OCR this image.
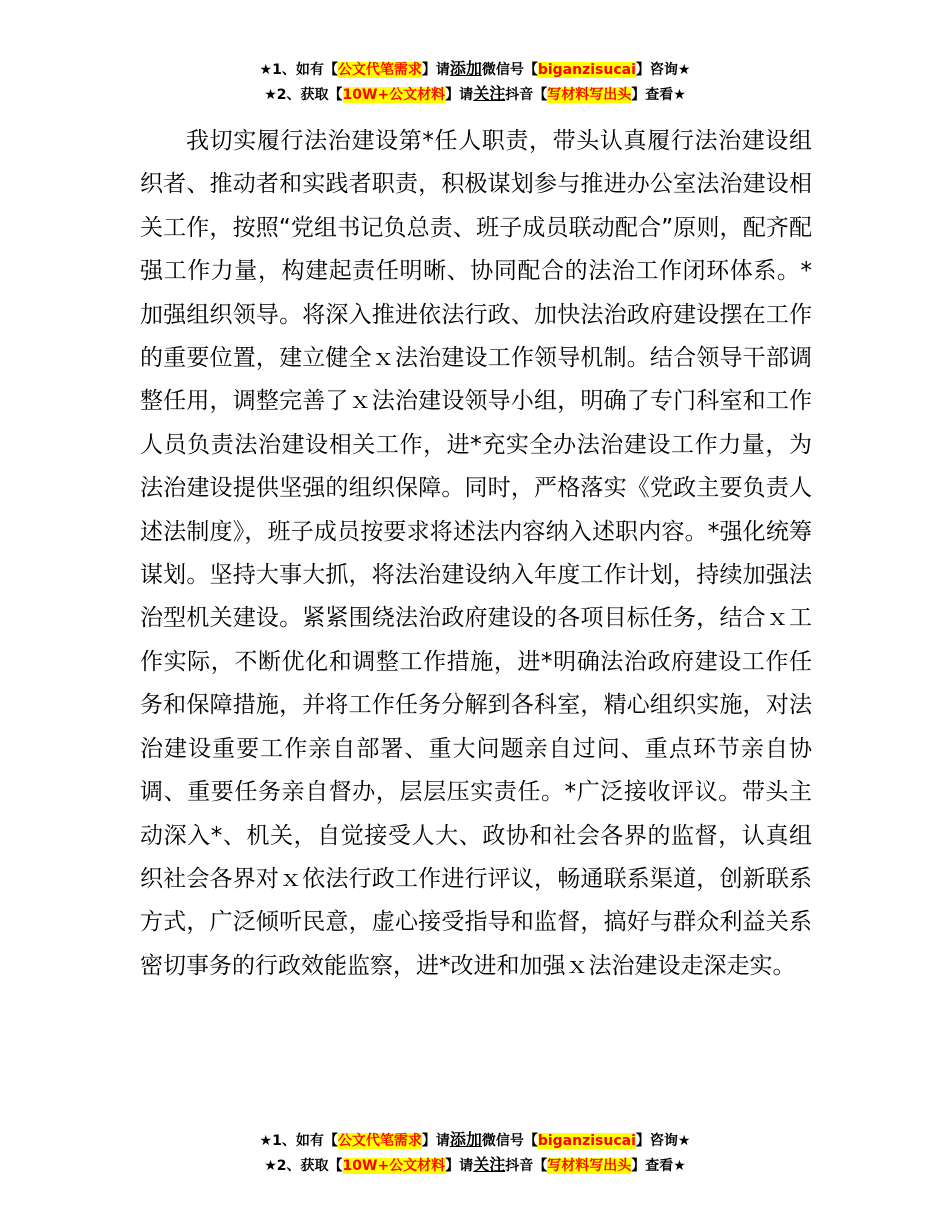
★1、如有【公文代笔需求】请添加微信号【biganzisucai】咨询★
★2、获取【10W+公文材料】请关注抖音【写材料写出头】查看★

我切实履行法治建设第*任人职责，带头认真履行法治建设组织者、推动者和实践者职责，积极谋划参与推进办公室法治建设相关工作，按照“党组书记负总责、班子成员联动配合”原则，配齐配强工作力量，构建起责任明晰、协同配合的法治工作闭环体系。*加强组织领导。将深入推进依法行政、加快法治政府建设摆在工作的重要位置，建立健全ｘ法治建设工作领导机制。结合领导干部调整任用，调整完善了ｘ法治建设领导小组，明确了专门科室和工作人员负责法治建设相关工作，进*充实全办法治建设工作力量，为法治建设提供坚强的组织保障。同时，严格落实《党政主要负责人述法制度》，班子成员按要求将述法内容纳入述职内容。*强化统筹谋划。坚持大事大抓，将法治建设纳入年度工作计划，持续加强法治型机关建设。紧紧围绕法治政府建设的各项目标任务，结合ｘ工作实际，不断优化和调整工作措施，进*明确法治政府建设工作任务和保障措施，并将工作任务分解到各科室，精心组织实施，对法治建设重要工作亲自部署、重大问题亲自过问、重点环节亲自协调、重要任务亲自督办，层层压实责任。*广泛接收评议。带头主动深入*、机关，自觉接受人大、政协和社会各界的监督，认真组织社会各界对ｘ依法行政工作进行评议，畅通联系渠道，创新联系方式，广泛倾听民意，虚心接受指导和监督，搞好与群众利益关系密切事务的行政效能监察，进*改进和加强ｘ法治建设走深走实。

★1、如有【公文代笔需求】请添加微信号【biganzisucai】咨询★
★2、获取【10W+公文材料】请关注抖音【写材料写出头】查看★
